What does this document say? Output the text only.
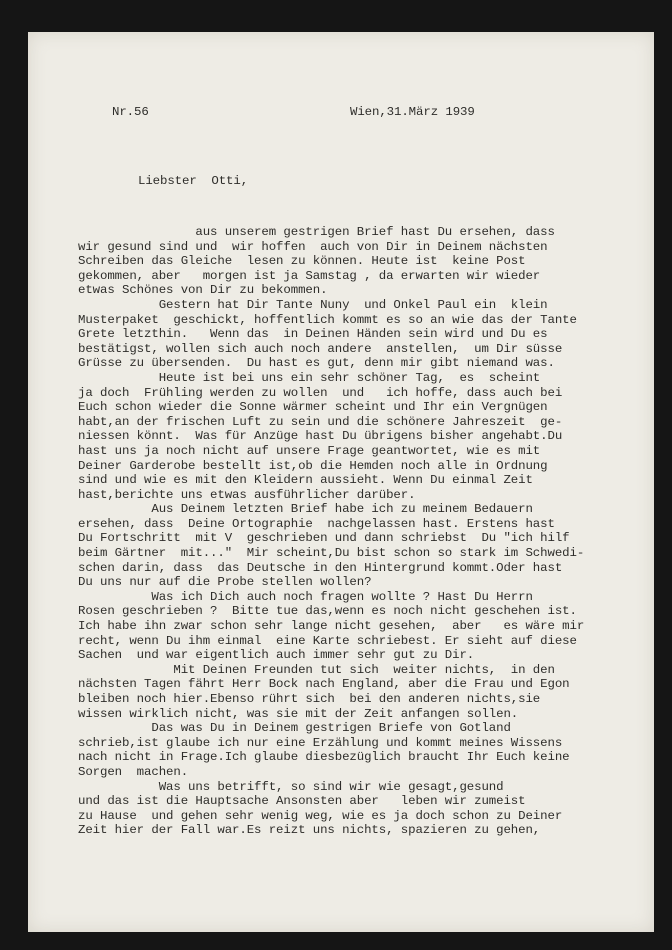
Nr.56	Wien,31.März 1939
Liebster  Otti,
aus unserem gestrigen Brief hast Du ersehen, dass
wir gesund sind und  wir hoffen  auch von Dir in Deinem nächsten
Schreiben das Gleiche  lesen zu können. Heute ist  keine Post
gekommen, aber   morgen ist ja Samstag , da erwarten wir wieder
etwas Schönes von Dir zu bekommen.
Gestern hat Dir Tante Nuny  und Onkel Paul ein  klein
Musterpaket  geschickt, hoffentlich kommt es so an wie das der Tante
Grete letzthin.   Wenn das  in Deinen Händen sein wird und Du es
bestätigst, wollen sich auch noch andere  anstellen,  um Dir süsse
Grüsse zu übersenden.  Du hast es gut, denn mir gibt niemand was.
Heute ist bei uns ein sehr schöner Tag,  es  scheint
ja doch  Frühling werden zu wollen  und   ich hoffe, dass auch bei
Euch schon wieder die Sonne wärmer scheint und Ihr ein Vergnügen
habt,an der frischen Luft zu sein und die schönere Jahreszeit  ge-
niessen könnt.  Was für Anzüge hast Du übrigens bisher angehabt.Du
hast uns ja noch nicht auf unsere Frage geantwortet, wie es mit
Deiner Garderobe bestellt ist,ob die Hemden noch alle in Ordnung
sind und wie es mit den Kleidern aussieht. Wenn Du einmal Zeit
hast,berichte uns etwas ausführlicher darüber.
Aus Deinem letzten Brief habe ich zu meinem Bedauern
ersehen, dass  Deine Ortographie  nachgelassen hast. Erstens hast
Du Fortschritt  mit V  geschrieben und dann schriebst  Du "ich hilf
beim Gärtner  mit..."  Mir scheint,Du bist schon so stark im Schwedi-
schen darin, dass  das Deutsche in den Hintergrund kommt.Oder hast
Du uns nur auf die Probe stellen wollen?
Was ich Dich auch noch fragen wollte ? Hast Du Herrn
Rosen geschrieben ?  Bitte tue das,wenn es noch nicht geschehen ist.
Ich habe ihn zwar schon sehr lange nicht gesehen,  aber   es wäre mir
recht, wenn Du ihm einmal  eine Karte schriebest. Er sieht auf diese
Sachen  und war eigentlich auch immer sehr gut zu Dir.
Mit Deinen Freunden tut sich  weiter nichts,  in den
nächsten Tagen fährt Herr Bock nach England, aber die Frau und Egon
bleiben noch hier.Ebenso rührt sich  bei den anderen nichts,sie
wissen wirklich nicht, was sie mit der Zeit anfangen sollen.
Das was Du in Deinem gestrigen Briefe von Gotland
schrieb,ist glaube ich nur eine Erzählung und kommt meines Wissens
nach nicht in Frage.Ich glaube diesbezüglich braucht Ihr Euch keine
Sorgen  machen.
Was uns betrifft, so sind wir wie gesagt,gesund
und das ist die Hauptsache Ansonsten aber   leben wir zumeist
zu Hause  und gehen sehr wenig weg, wie es ja doch schon zu Deiner
Zeit hier der Fall war.Es reizt uns nichts, spazieren zu gehen,
